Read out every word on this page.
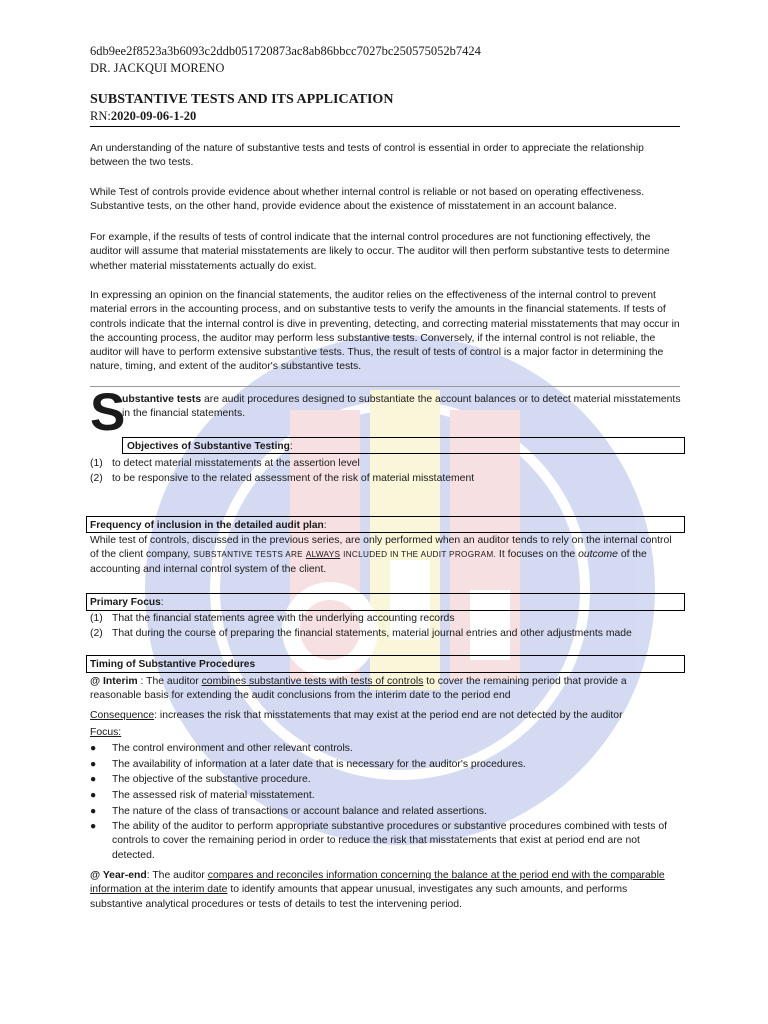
6db9ee2f8523a3b6093c2ddb051720873ac8ab86bbcc7027bc250575052b7424
DR. JACKQUI MORENO
SUBSTANTIVE TESTS AND ITS APPLICATION
RN:2020-09-06-1-20
An understanding of the nature of substantive tests and tests of control is essential in order to appreciate the relationship between the two tests.
While Test of controls provide evidence about whether internal control is reliable or not based on operating effectiveness. Substantive tests, on the other hand, provide evidence about the existence of misstatement in an account balance.
For example, if the results of tests of control indicate that the internal control procedures are not functioning effectively, the auditor will assume that material misstatements are likely to occur. The auditor will then perform substantive tests to determine whether material misstatements actually do exist.
In expressing an opinion on the financial statements, the auditor relies on the effectiveness of the internal control to prevent material errors in the accounting process, and on substantive tests to verify the amounts in the financial statements. If tests of controls indicate that the internal control is dive in preventing, detecting, and correcting material misstatements that may occur in the accounting process, the auditor may perform less substantive tests. Conversely, if the internal control is not reliable, the auditor will have to perform extensive substantive tests. Thus, the result of tests of control is a major factor in determining the nature, timing, and extent of the auditor's substantive tests.
S
ubstantive tests are audit procedures designed to substantiate the account balances or to detect material misstatements in the financial statements.
Objectives of Substantive Testing:
(1) to detect material misstatements at the assertion level
(2) to be responsive to the related assessment of the risk of material misstatement
Frequency of inclusion in the detailed audit plan:
While test of controls, discussed in the previous series, are only performed when an auditor tends to rely on the internal control of the client company, SUBSTANTIVE TESTS ARE ALWAYS INCLUDED IN THE AUDIT PROGRAM. It focuses on the outcome of the accounting and internal control system of the client.
Primary Focus:
(1) That the financial statements agree with the underlying accounting records
(2) That during the course of preparing the financial statements, material journal entries and other adjustments made
Timing of Substantive Procedures
@ Interim : The auditor combines substantive tests with tests of controls to cover the remaining period that provide a reasonable basis for extending the audit conclusions from the interim date to the period end
Consequence: increases the risk that misstatements that may exist at the period end are not detected by the auditor
Focus:
● The control environment and other relevant controls.
● The availability of information at a later date that is necessary for the auditor's procedures.
● The objective of the substantive procedure.
● The assessed risk of material misstatement.
● The nature of the class of transactions or account balance and related assertions.
● The ability of the auditor to perform appropriate substantive procedures or substantive procedures combined with tests of controls to cover the remaining period in order to reduce the risk that misstatements that exist at period end are not detected.
@ Year-end: The auditor compares and reconciles information concerning the balance at the period end with the comparable information at the interim date to identify amounts that appear unusual, investigates any such amounts, and performs substantive analytical procedures or tests of details to test the intervening period.
